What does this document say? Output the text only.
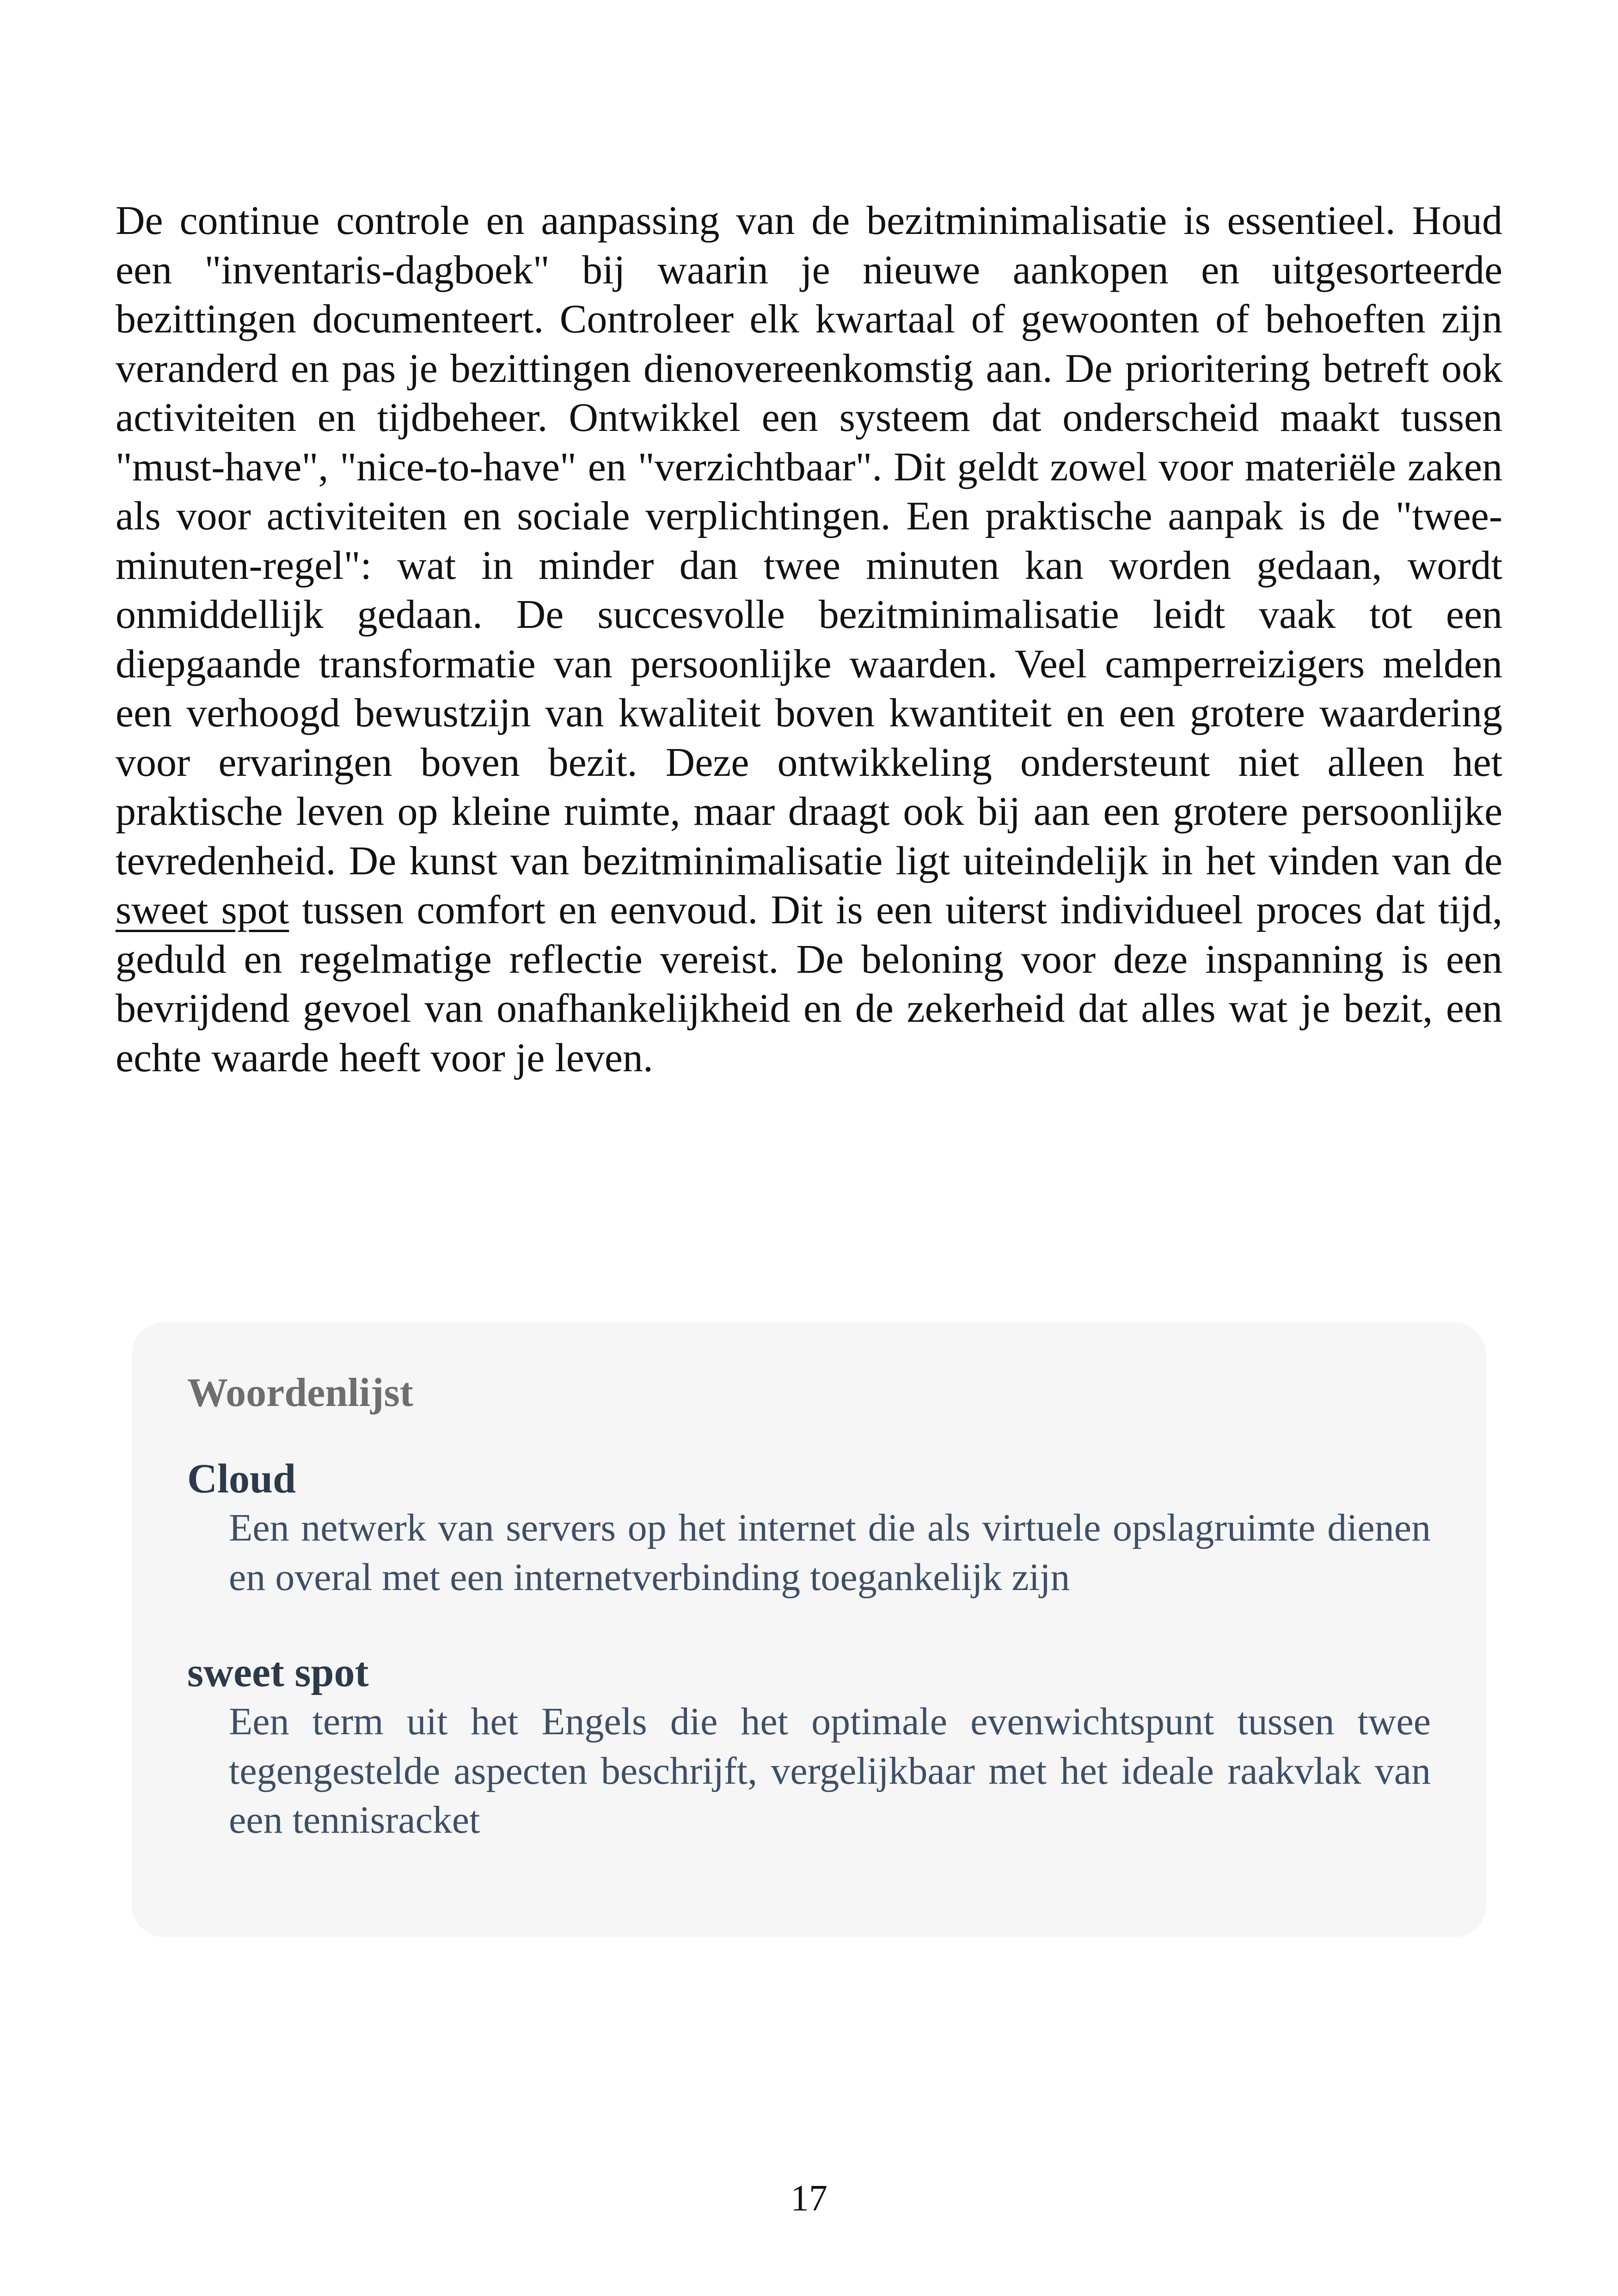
De continue controle en aanpassing van de bezitminimalisatie is essentieel. Houd een "inventaris-dagboek" bij waarin je nieuwe aankopen en uitgesorteerde bezittingen documenteert. Controleer elk kwartaal of gewoonten of behoeften zijn veranderd en pas je bezittingen dienovereenkomstig aan. De prioritering betreft ook activiteiten en tijdbeheer. Ontwikkel een systeem dat onderscheid maakt tussen "must-have", "nice-to-have" en "verzichtbaar". Dit geldt zowel voor materiële zaken als voor activiteiten en sociale verplichtingen. Een praktische aanpak is de "twee-minuten-regel": wat in minder dan twee minuten kan worden gedaan, wordt onmiddellijk gedaan. De succesvolle bezitminimalisatie leidt vaak tot een diepgaande transformatie van persoonlijke waarden. Veel camperreizigers melden een verhoogd bewustzijn van kwaliteit boven kwantiteit en een grotere waardering voor ervaringen boven bezit. Deze ontwikkeling ondersteunt niet alleen het praktische leven op kleine ruimte, maar draagt ook bij aan een grotere persoonlijke tevredenheid. De kunst van bezitminimalisatie ligt uiteindelijk in het vinden van de sweet spot tussen comfort en eenvoud. Dit is een uiterst individueel proces dat tijd, geduld en regelmatige reflectie vereist. De beloning voor deze inspanning is een bevrijdend gevoel van onafhankelijkheid en de zekerheid dat alles wat je bezit, een echte waarde heeft voor je leven.

Woordenlijst

Cloud

Een netwerk van servers op het internet die als virtuele opslagruimte dienen en overal met een internetverbinding toegankelijk zijn

sweet spot

Een term uit het Engels die het optimale evenwichtspunt tussen twee tegengestelde aspecten beschrijft, vergelijkbaar met het ideale raakvlak van een tennisracket

17
